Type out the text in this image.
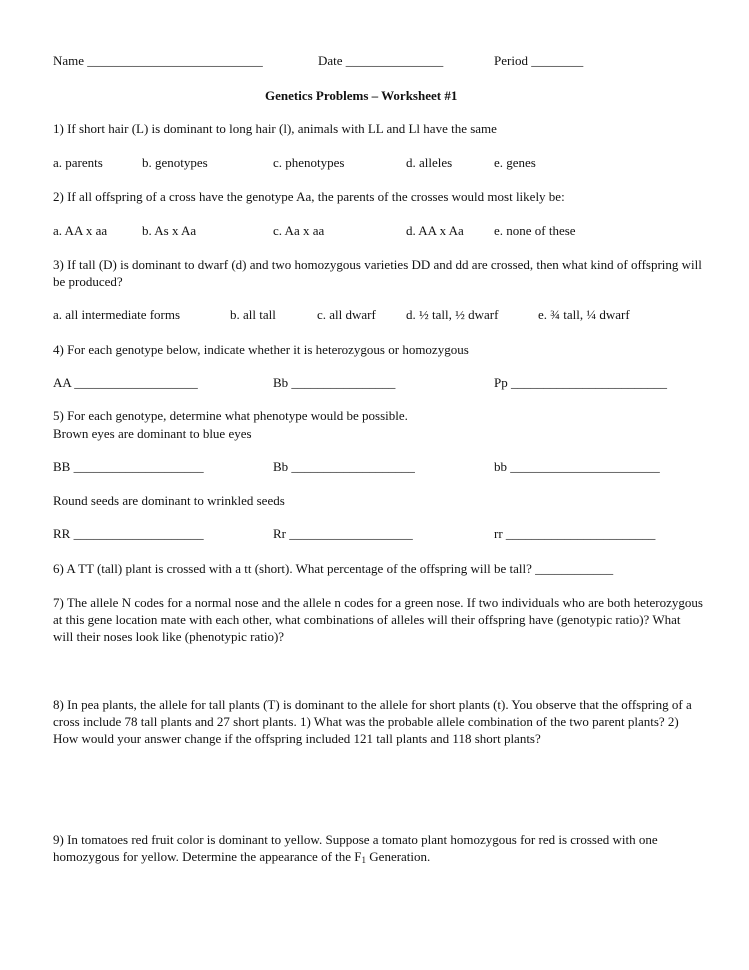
Name ___________________________	Date _______________	Period ________
Genetics Problems – Worksheet #1
1) If short hair (L) is dominant to long hair (l), animals with LL and Ll have the same
a. parents	b. genotypes	c. phenotypes	d. alleles	e. genes
2) If all offspring of a cross have the genotype Aa, the parents of the crosses would most likely be:
a. AA x aa	b. As x Aa	c. Aa x aa	d. AA x Aa e. none of these
3) If tall (D) is dominant to dwarf (d) and two homozygous varieties DD and dd are crossed, then what kind of offspring will be produced?
a. all intermediate forms	b. all tall	c. all dwarf d. ½ tall, ½ dwarf	e. ¾ tall, ¼ dwarf
4) For each genotype below, indicate whether it is heterozygous or homozygous
AA ___________________	Bb ________________	Pp ________________________
5) For each genotype, determine what phenotype would be possible.
Brown eyes are dominant to blue eyes
BB ____________________	Bb ___________________	bb _______________________
Round seeds are dominant to wrinkled seeds
RR ____________________	Rr ___________________	rr _______________________
6) A TT (tall) plant is crossed with a tt (short). What percentage of the offspring will be tall? ____________
7) The allele N codes for a normal nose and the allele n codes for a green nose. If two individuals who are both heterozygous at this gene location mate with each other, what combinations of alleles will their offspring have (genotypic ratio)? What will their noses look like (phenotypic ratio)?
8) In pea plants, the allele for tall plants (T) is dominant to the allele for short plants (t). You observe that the offspring of a cross include 78 tall plants and 27 short plants. 1) What was the probable allele combination of the two parent plants? 2) How would your answer change if the offspring included 121 tall plants and 118 short plants?
9) In tomatoes red fruit color is dominant to yellow. Suppose a tomato plant homozygous for red is crossed with one homozygous for yellow. Determine the appearance of the $F_1$ Generation.
